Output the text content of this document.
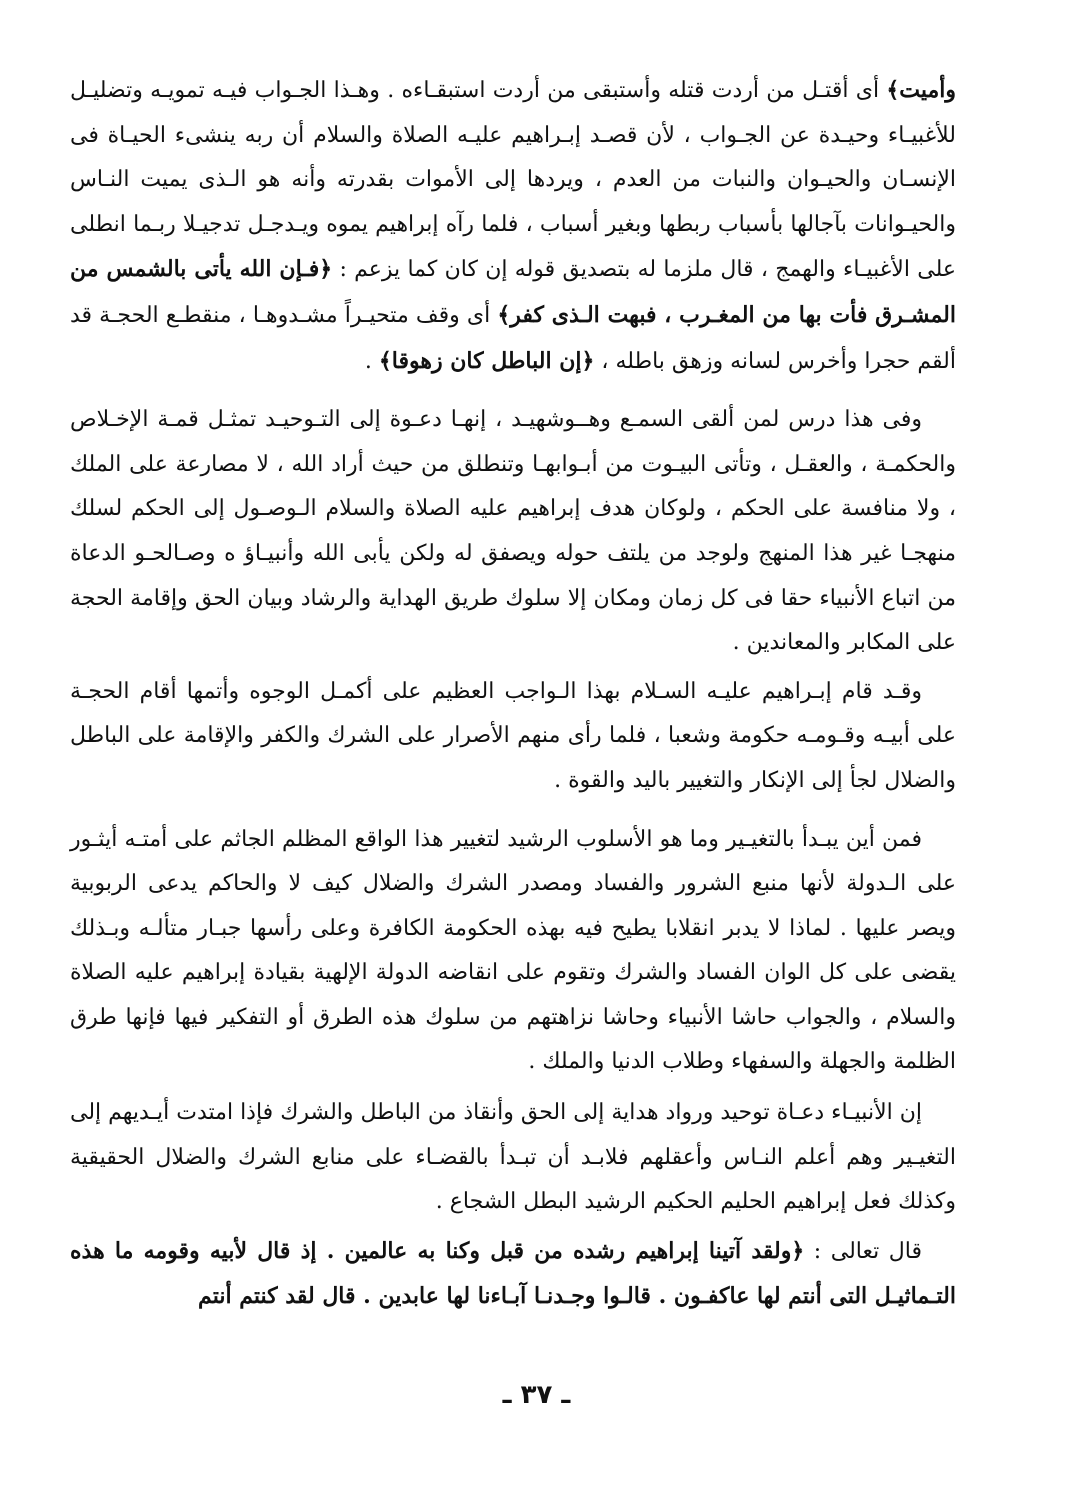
وأميت﴾ أى أقتـل من أردت قتله وأستبقى من أردت استبقـاءه . وهـذا الجـواب فيـه تمويـه وتضليـل للأغبيـاء وحيـدة عن الجـواب ، لأن قصـد إبـراهيم عليـه الصلاة والسلام أن ربه ينشىء الحيـاة فى الإنسـان والحيـوان والنبات من العدم ، ويردها إلى الأموات بقدرته وأنه هو الـذى يميت النـاس والحيـوانات بآجالها بأسباب ربطها وبغير أسباب ، فلما رآه إبراهيم يموه ويـدجـل تدجيـلا ربـما انطلى على الأغبيـاء والهمج ، قال ملزما له بتصديق قوله إن كان كما يزعم : ﴿فـإن الله يأتى بالشمس من المشـرق فأت بها من المغـرب ، فبهت الـذى كفر﴾ أى وقف متحيـراً مشـدوهـا ، منقطـع الحجـة قد ألقم حجرا وأخرس لسانه وزهق باطله ، ﴿إن الباطل كان زهوقا﴾ .

وفى هذا درس لمن ألقى السمـع وهــوشهيـد ، إنهـا دعـوة إلى التـوحيـد تمثـل قمـة الإخـلاص والحكمـة ، والعقـل ، وتأتى البيـوت من أبـوابهـا وتنطلق من حيث أراد الله ، لا مصارعة على الملك ، ولا منافسة على الحكم ، ولوكان هدف إبراهيم عليه الصلاة والسلام الـوصـول إلى الحكم لسلك منهجـا غير هذا المنهج ولوجد من يلتف حوله ويصفق له ولكن يأبى الله وأنبيـاؤ ه وصـالحـو الدعاة من اتباع الأنبياء حقا فى كل زمان ومكان إلا سلوك طريق الهداية والرشاد وبيان الحق وإقامة الحجة على المكابر والمعاندين .

وقـد قام إبـراهيم عليـه السـلام بهذا الـواجب العظيم على أكمـل الوجوه وأتمها أقام الحجـة على أبيـه وقـومـه حكومة وشعبا ، فلما رأى منهم الأصرار على الشرك والكفر والإقامة على الباطل والضلال لجأ إلى الإنكار والتغيير باليد والقوة .

فمن أين يبـدأ بالتغيـير وما هو الأسلوب الرشيد لتغيير هذا الواقع المظلم الجاثم على أمتـه أيثـور على الـدولة لأنها منبع الشرور والفساد ومصدر الشرك والضلال كيف لا والحاكم يدعى الربوبية ويصر عليها . لماذا لا يدبر انقلابا يطيح فيه بهذه الحكومة الكافرة وعلى رأسها جبـار متألـه وبـذلك يقضى على كل الوان الفساد والشرك وتقوم على انقاضه الدولة الإلهية بقيادة إبراهيم عليه الصلاة والسلام ، والجواب حاشا الأنبياء وحاشا نزاهتهم من سلوك هذه الطرق أو التفكير فيها فإنها طرق الظلمة والجهلة والسفهاء وطلاب الدنيا والملك .

إن الأنبيـاء دعـاة توحيد ورواد هداية إلى الحق وأنقاذ من الباطل والشرك فإذا امتدت أيـديهم إلى التغيـير وهم أعلم النـاس وأعقلهم فلابـد أن تبـدأ بالقضـاء على منابع الشرك والضلال الحقيقية وكذلك فعل إبراهيم الحليم الحكيم الرشيد البطل الشجاع .

قال تعالى : ﴿ولقد آتينا إبراهيم رشده من قبل وكنا به عالمين . إذ قال لأبيه وقومه ما هذه التـماثيـل التى أنتم لها عاكفـون . قالـوا وجـدنـا آبـاءنا لها عابدين . قال لقد كنتم أنتم

ـ ٣٧ ـ
